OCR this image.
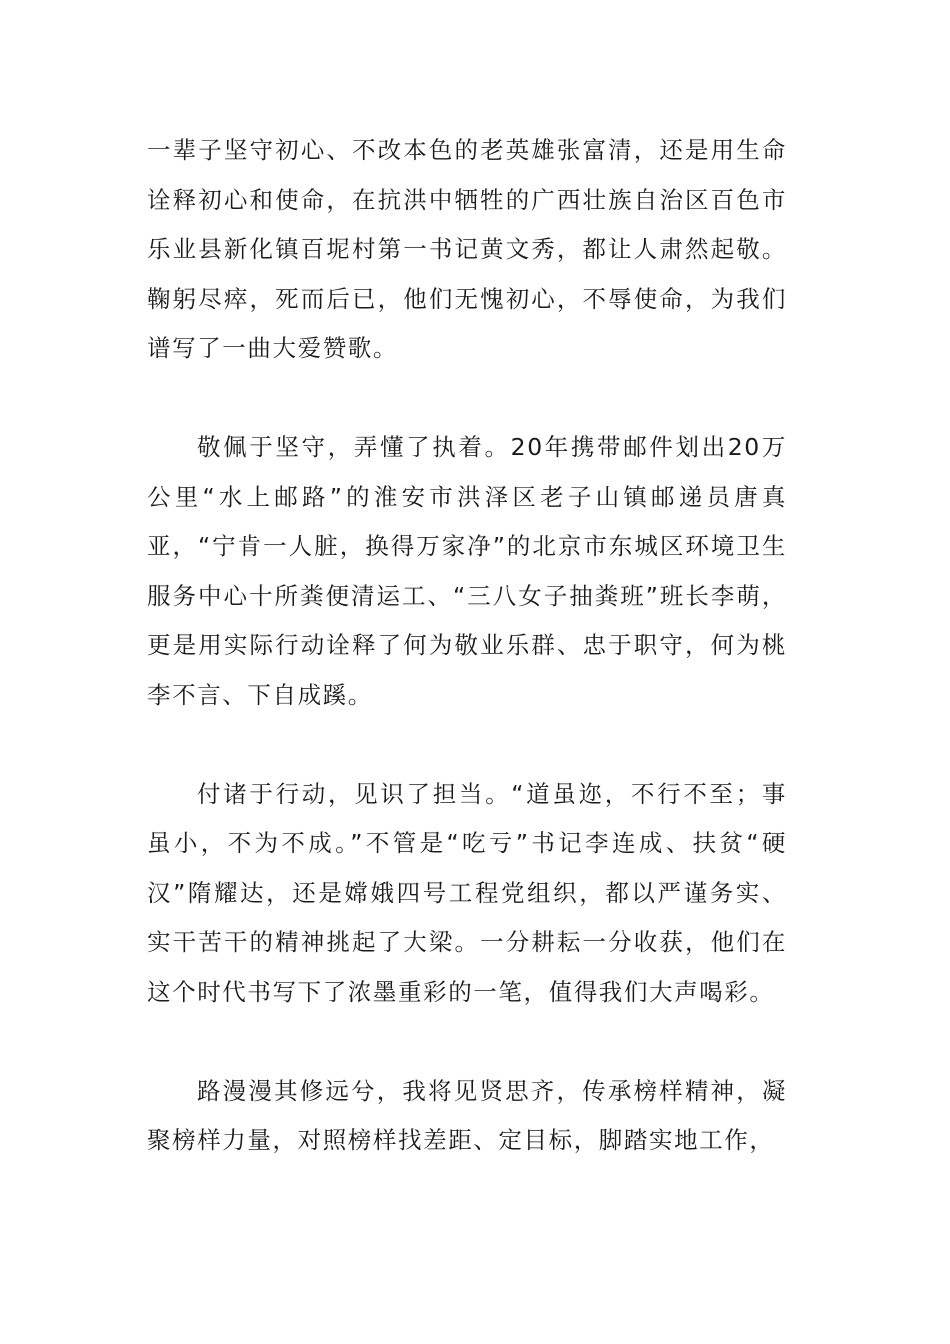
一辈子坚守初心、不改本色的老英雄张富清，还是用生命诠释初心和使命，在抗洪中牺牲的广西壮族自治区百色市乐业县新化镇百坭村第一书记黄文秀，都让人肃然起敬。鞠躬尽瘁，死而后已，他们无愧初心，不辱使命，为我们谱写了一曲大爱赞歌。

敬佩于坚守，弄懂了执着。20年携带邮件划出20万公里“水上邮路”的淮安市洪泽区老子山镇邮递员唐真亚，“宁肯一人脏，换得万家净”的北京市东城区环境卫生服务中心十所粪便清运工、“三八女子抽粪班”班长李萌，更是用实际行动诠释了何为敬业乐群、忠于职守，何为桃李不言、下自成蹊。

付诸于行动，见识了担当。“道虽迩，不行不至；事虽小，不为不成。”不管是“吃亏”书记李连成、扶贫“硬汉”隋耀达，还是嫦娥四号工程党组织，都以严谨务实、实干苦干的精神挑起了大梁。一分耕耘一分收获，他们在这个时代书写下了浓墨重彩的一笔，值得我们大声喝彩。

路漫漫其修远兮，我将见贤思齐，传承榜样精神，凝聚榜样力量，对照榜样找差距、定目标，脚踏实地工作，
